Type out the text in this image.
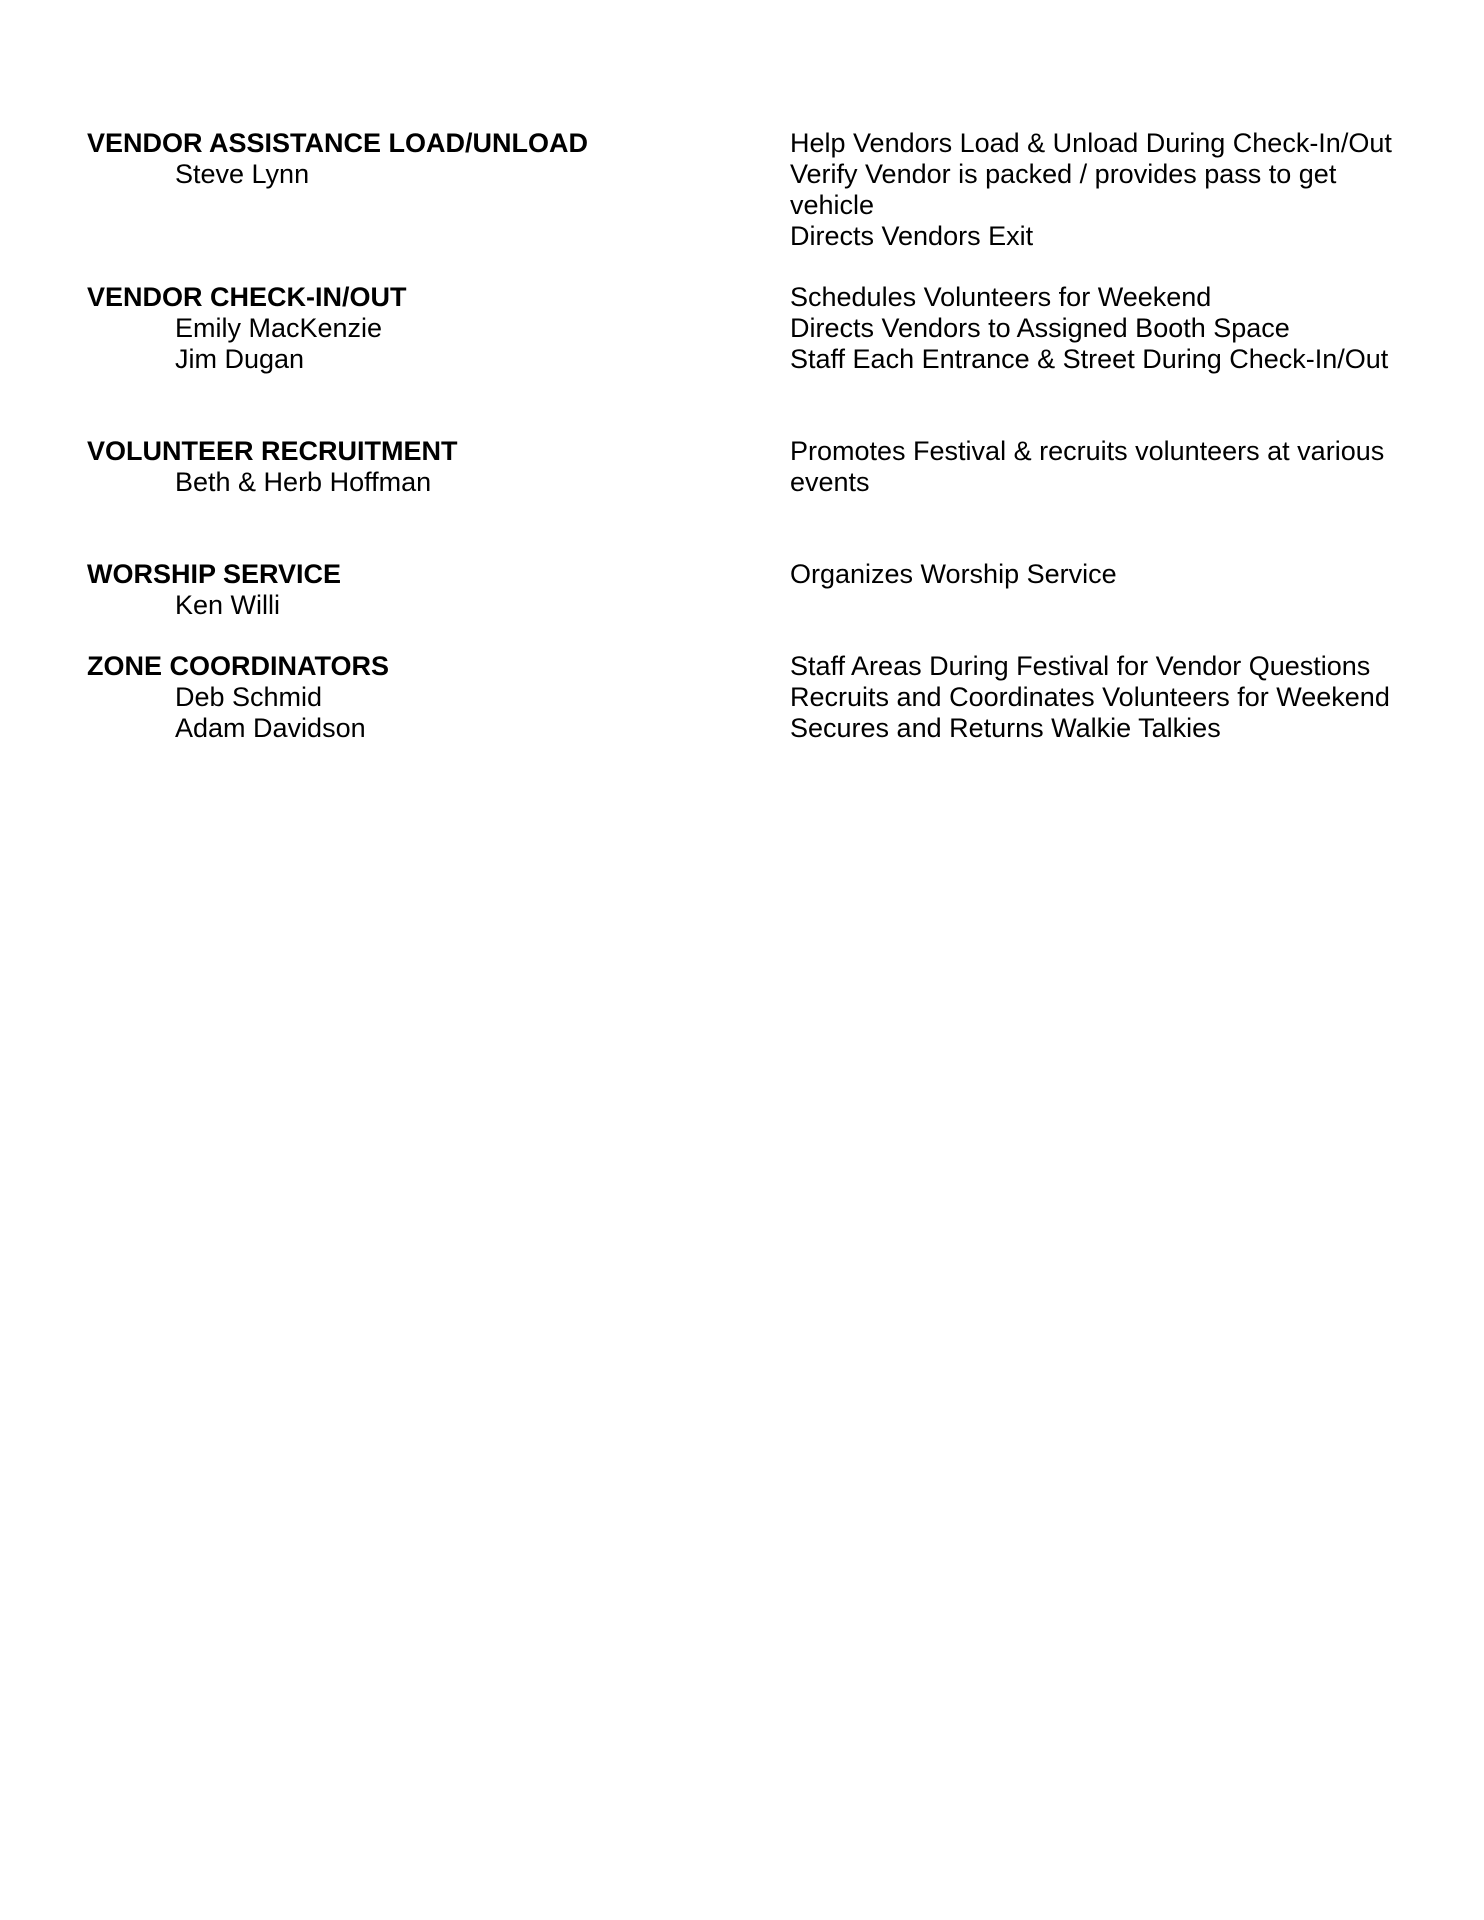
VENDOR ASSISTANCE LOAD/UNLOAD
Steve Lynn
Help Vendors Load & Unload During Check-In/Out
Verify Vendor is packed / provides pass to get vehicle
Directs Vendors Exit
VENDOR CHECK-IN/OUT
Emily MacKenzie
Jim Dugan
Schedules Volunteers for Weekend
Directs Vendors to Assigned Booth Space
Staff Each Entrance & Street During Check-In/Out
VOLUNTEER RECRUITMENT
Beth & Herb Hoffman
Promotes Festival & recruits volunteers at various events
WORSHIP SERVICE
Ken Willi
Organizes Worship Service
ZONE COORDINATORS
Deb Schmid
Adam Davidson
Staff Areas During Festival for Vendor Questions
Recruits and Coordinates Volunteers for Weekend
Secures and Returns Walkie Talkies
